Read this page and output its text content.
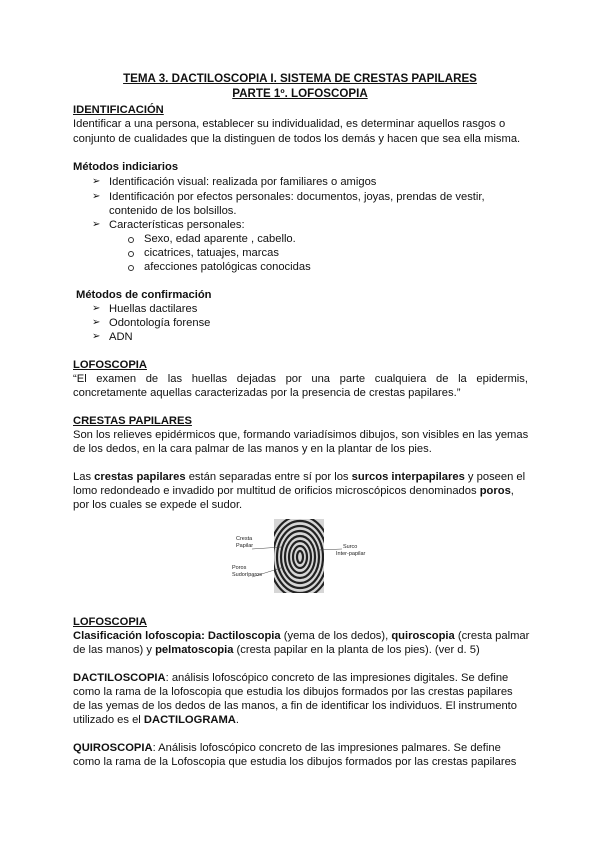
TEMA 3. DACTILOSCOPIA I. SISTEMA DE CRESTAS PAPILARES
PARTE 1º. LOFOSCOPIA
IDENTIFICACIÓN
Identificar a una persona, establecer su individualidad, es determinar aquellos rasgos o
conjunto de cualidades que la distinguen de todos los demás y hacen que sea ella misma.
Métodos indiciarios
➢ Identificación visual: realizada por familiares o amigos
➢ Identificación por efectos personales: documentos, joyas, prendas de vestir,
contenido de los bolsillos.
➢ Características personales:
Sexo, edad aparente , cabello.
cicatrices, tatuajes, marcas
afecciones patológicas conocidas
Métodos de confirmación
➢ Huellas dactilares
➢ Odontología forense
➢ ADN
LOFOSCOPIA
“El examen de las huellas dejadas por una parte cualquiera de la epidermis,
concretamente aquellas caracterizadas por la presencia de crestas papilares.”
CRESTAS PAPILARES
Son los relieves epidérmicos que, formando variadísimos dibujos, son visibles en las yemas
de los dedos, en la cara palmar de las manos y en la plantar de los pies.
Las crestas papilares están separadas entre sí por los surcos interpapilares y poseen el
lomo redondeado e invadido por multitud de orificios microscópicos denominados poros,
por los cuales se expede el sudor.
Cresta
Papilar
Poros
Sudoríparos
Surco
Inter-papilar
LOFOSCOPIA
Clasificación lofoscopia: Dactiloscopia (yema de los dedos), quiroscopia (cresta palmar
de las manos) y pelmatoscopia (cresta papilar en la planta de los pies). (ver d. 5)
DACTILOSCOPIA: análisis lofoscópico concreto de las impresiones digitales. Se define
como la rama de la lofoscopia que estudia los dibujos formados por las crestas papilares
de las yemas de los dedos de las manos, a fin de identificar los individuos. El instrumento
utilizado es el DACTILOGRAMA.
QUIROSCOPIA: Análisis lofoscópico concreto de las impresiones palmares. Se define
como la rama de la Lofoscopia que estudia los dibujos formados por las crestas papilares
